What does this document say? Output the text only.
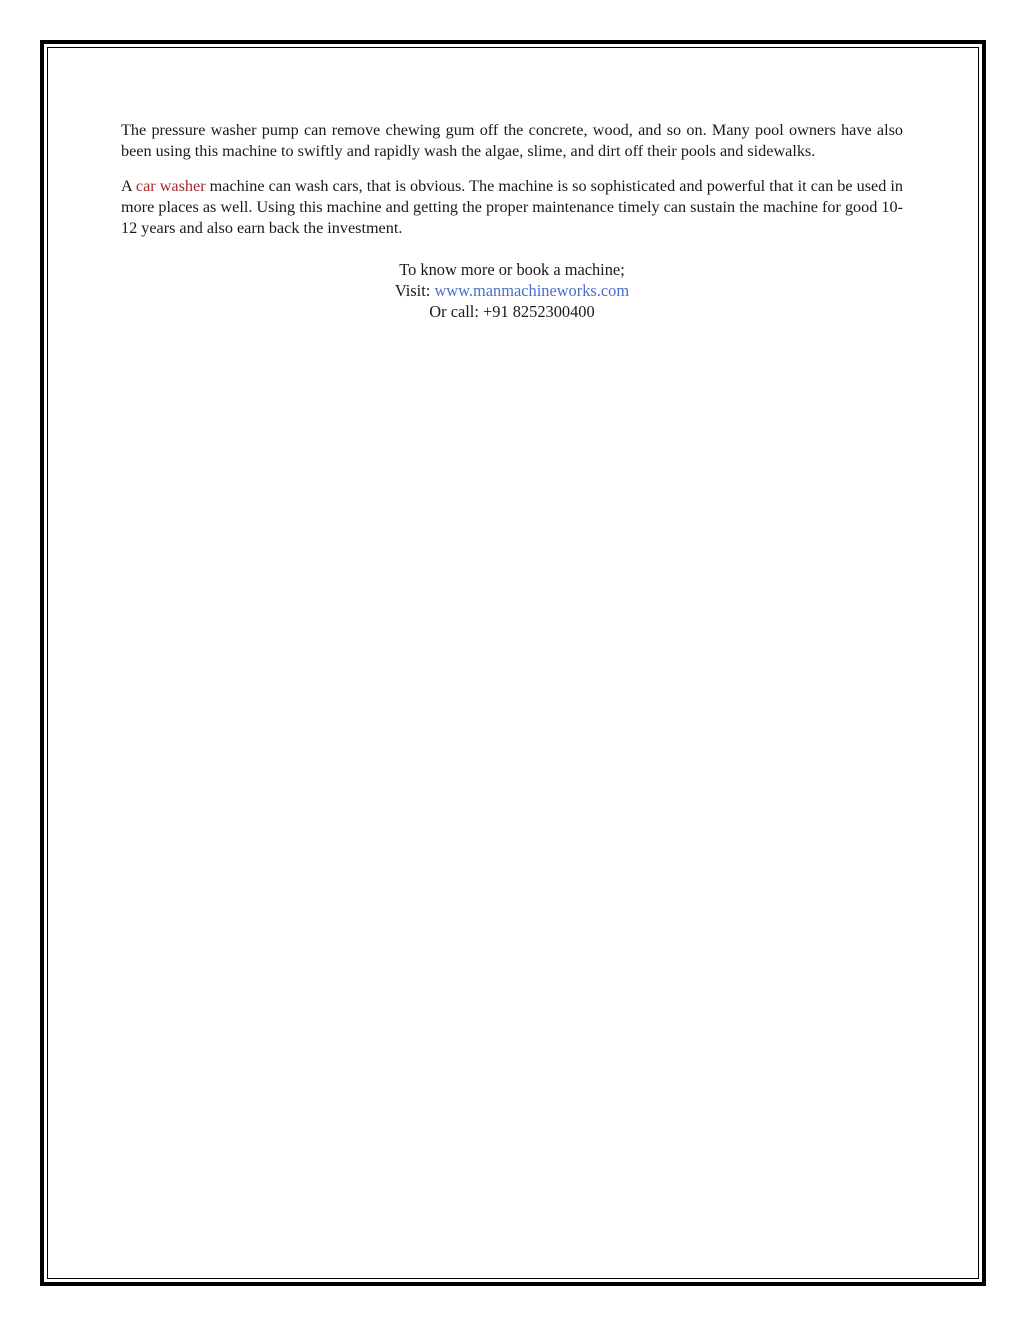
The pressure washer pump can remove chewing gum off the concrete, wood, and so on. Many pool owners have also been using this machine to swiftly and rapidly wash the algae, slime, and dirt off their pools and sidewalks.

A car washer machine can wash cars, that is obvious. The machine is so sophisticated and powerful that it can be used in more places as well. Using this machine and getting the proper maintenance timely can sustain the machine for good 10-12 years and also earn back the investment.

To know more or book a machine;
Visit: www.manmachineworks.com
Or call: +91 8252300400
